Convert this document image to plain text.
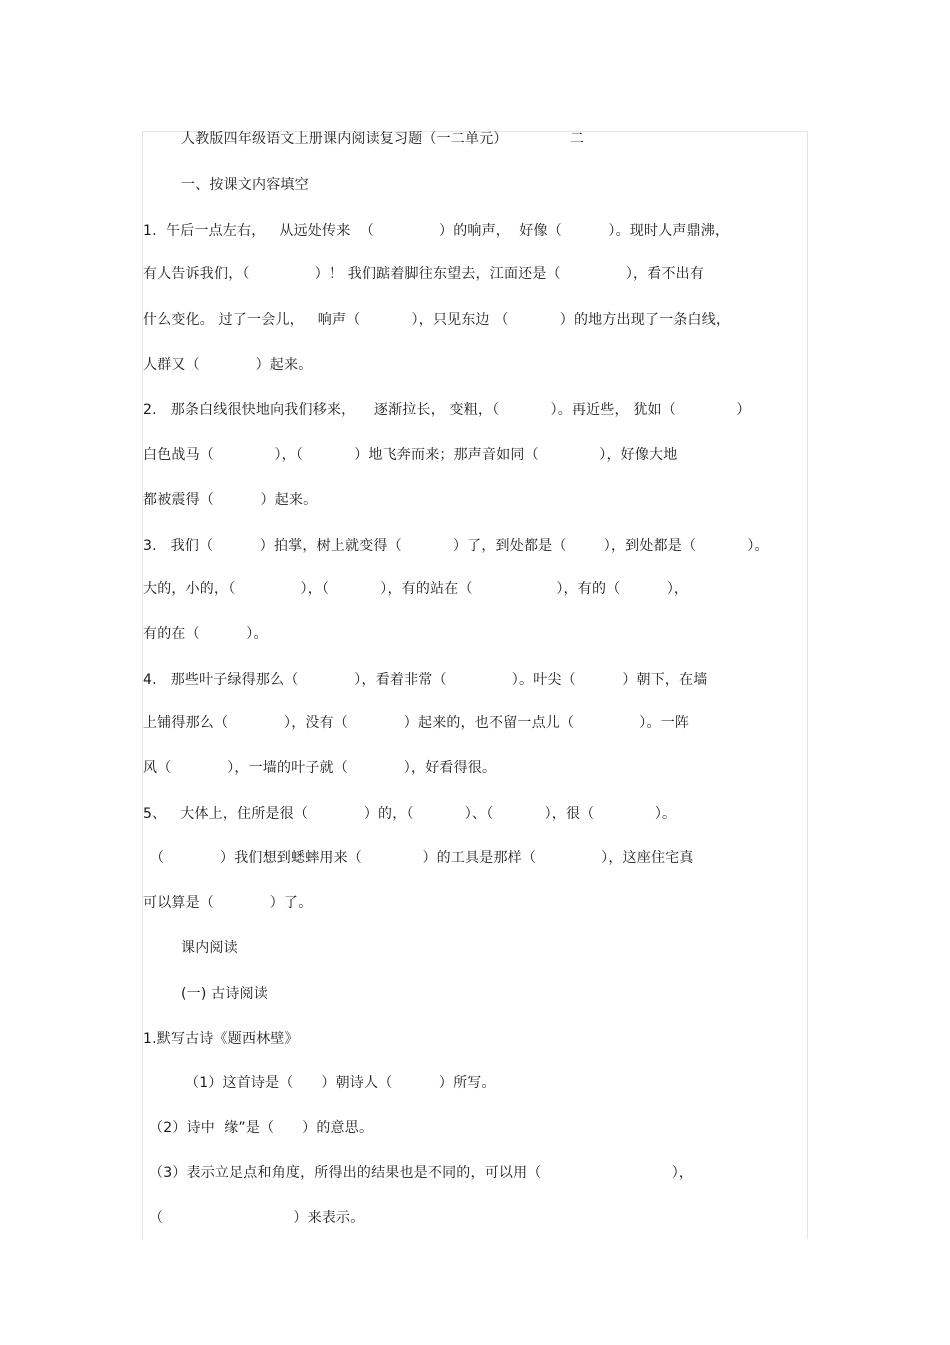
人教版四年级语文上册课内阅读复习题（一二单元）	二
一、按课文内容填空
1.  午后一点左右，   从远处传来  （              ）的响声，  好像（          ）。现时人声鼎沸，
有人告诉我们，（              ）！ 我们踮着脚往东望去，江面还是（              ），看不出有
什么变化。 过了一会儿，   响声（           ），只见东边 （           ）的地方出现了一条白线，
人群又（            ）起来。
2.   那条白线很快地向我们移来，    逐渐拉长， 变粗，（           ）。再近些， 犹如（             ）
白色战马（             ），（           ）地飞奔而来；那声音如同（             ），好像大地
都被震得（          ）起来。
3.   我们（          ）拍掌，树上就变得（           ）了，到处都是（        ），到处都是（           ）。
大的，小的，（              ），（           ），有的站在（                  ），有的（          ），
有的在（          ）。
4.   那些叶子绿得那么（            ），看着非常（              ）。叶尖（          ）朝下，在墙
上铺得那么（            ），没有（            ）起来的，也不留一点儿（              ）。一阵
风（            ），一墙的叶子就（            ），好看得很。
5、   大体上，住所是很（            ）的，（           ）、（           ），很（             ）。
（            ）我们想到蟋蟀用来（             ）的工具是那样（              ），这座住宅真
可以算是（            ）了。
课内阅读
(一) 古诗阅读
1.默写古诗《题西林壁》
（1）这首诗是（      ）朝诗人（          ）所写。
（2）诗中  缘”是（      ）的意思。
（3）表示立足点和角度，所得出的结果也是不同的，可以用（                            ），
（                            ）来表示。
